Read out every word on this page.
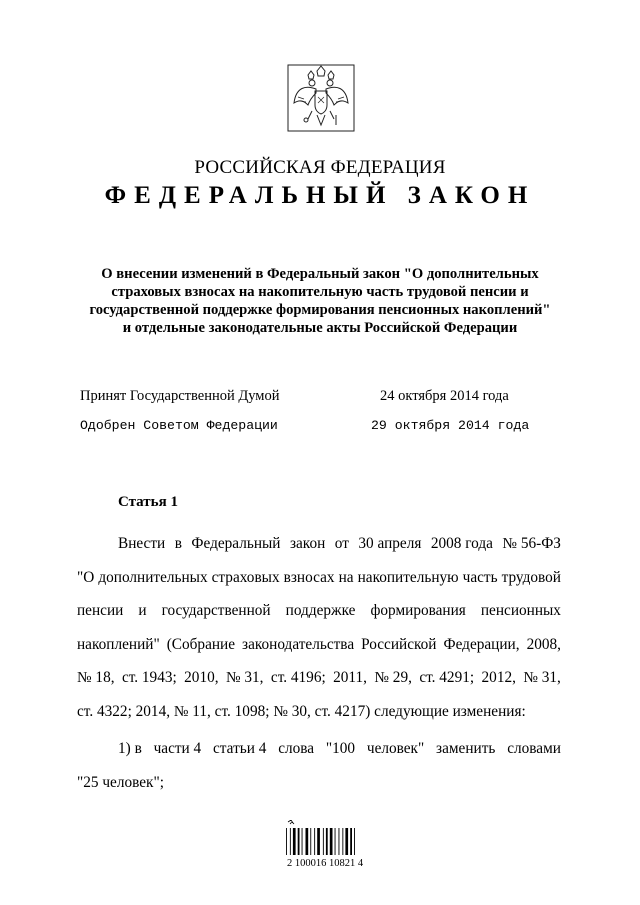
РОССИЙСКАЯ ФЕДЕРАЦИЯ
ФЕДЕРАЛЬНЫЙ ЗАКОН
О внесении изменений в Федеральный закон "О дополнительных
страховых взносах на накопительную часть трудовой пенсии и
государственной поддержке формирования пенсионных накоплений"
и отдельные законодательные акты Российской Федерации
Принят Государственной Думой	24 октября 2014 года
Одобрен Советом Федерации	29 октября 2014 года
Статья 1
Внести в Федеральный закон от 30 апреля 2008 года № 56-ФЗ
"О дополнительных страховых взносах на накопительную часть трудовой
пенсии и государственной поддержке формирования пенсионных
накоплений" (Собрание законодательства Российской Федерации, 2008,
№ 18, ст. 1943; 2010, № 31, ст. 4196; 2011, № 29, ст. 4291; 2012, № 31,
ст. 4322; 2014, № 11, ст. 1098; № 30, ст. 4217) следующие изменения:
1) в части 4 статьи 4 слова "100 человек" заменить словами
"25 человек";
2 100016 10821 4
